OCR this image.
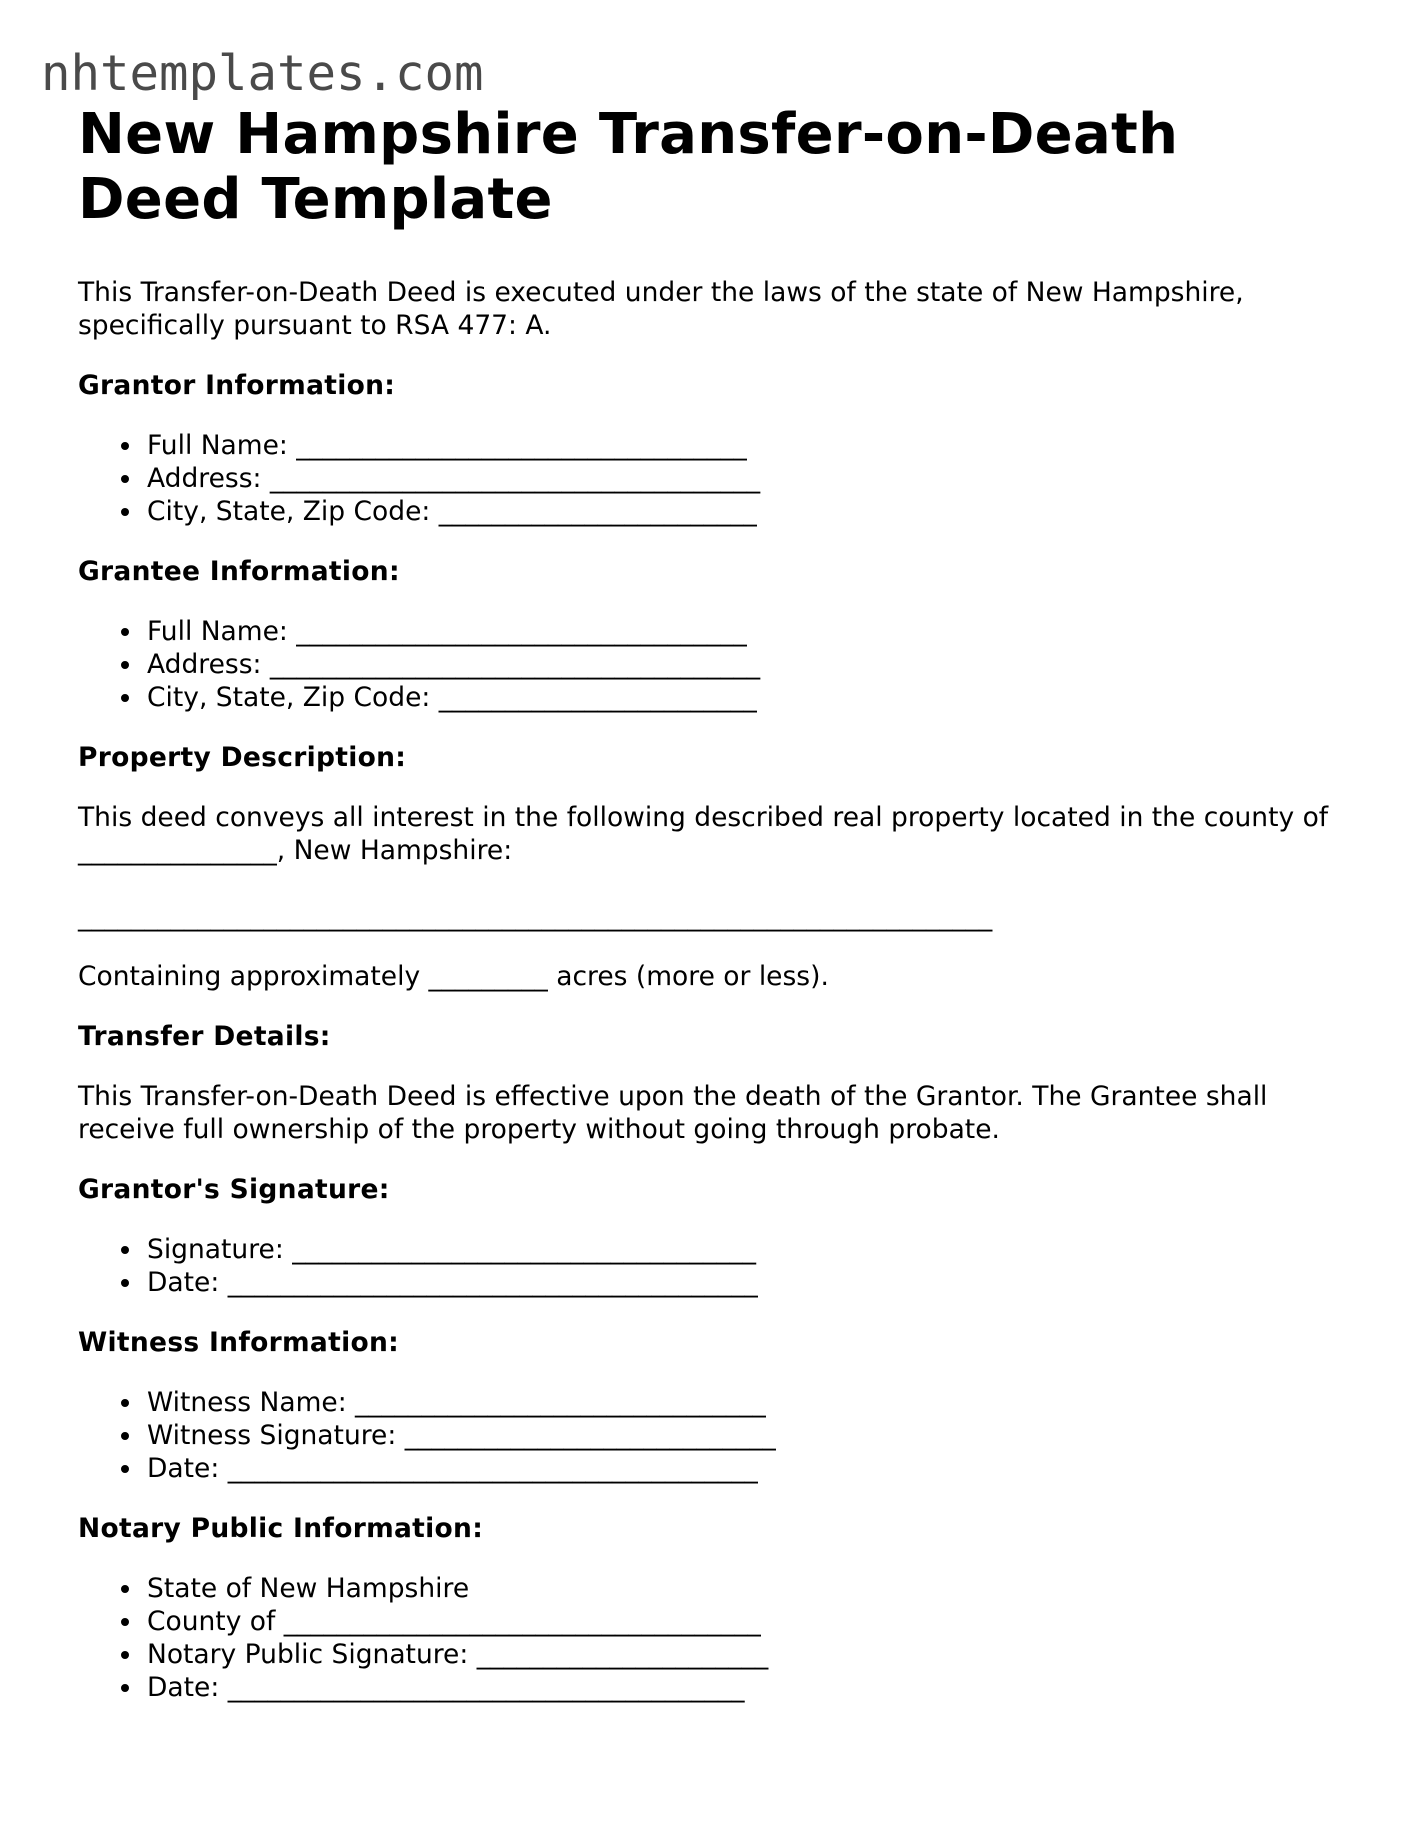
nhtemplates.com
New Hampshire Transfer-on-Death Deed Template

This Transfer-on-Death Deed is executed under the laws of the state of New Hampshire, specifically pursuant to RSA 477: A.

Grantor Information:
Full Name: __________________________________
Address: _____________________________________
City, State, Zip Code: ________________________
Grantee Information:
Full Name: __________________________________
Address: _____________________________________
City, State, Zip Code: ________________________
Property Description:

This deed conveys all interest in the following described real property located in the county of _______________, New Hampshire:

_____________________________________________________________________

Containing approximately _________ acres (more or less).

Transfer Details:

This Transfer-on-Death Deed is effective upon the death of the Grantor. The Grantee shall receive full ownership of the property without going through probate.

Grantor's Signature:
Signature: ___________________________________
Date: ________________________________________
Witness Information:
Witness Name: _______________________________
Witness Signature: ____________________________
Date: ________________________________________
Notary Public Information:
State of New Hampshire
County of ____________________________________
Notary Public Signature: ______________________
Date: _______________________________________
